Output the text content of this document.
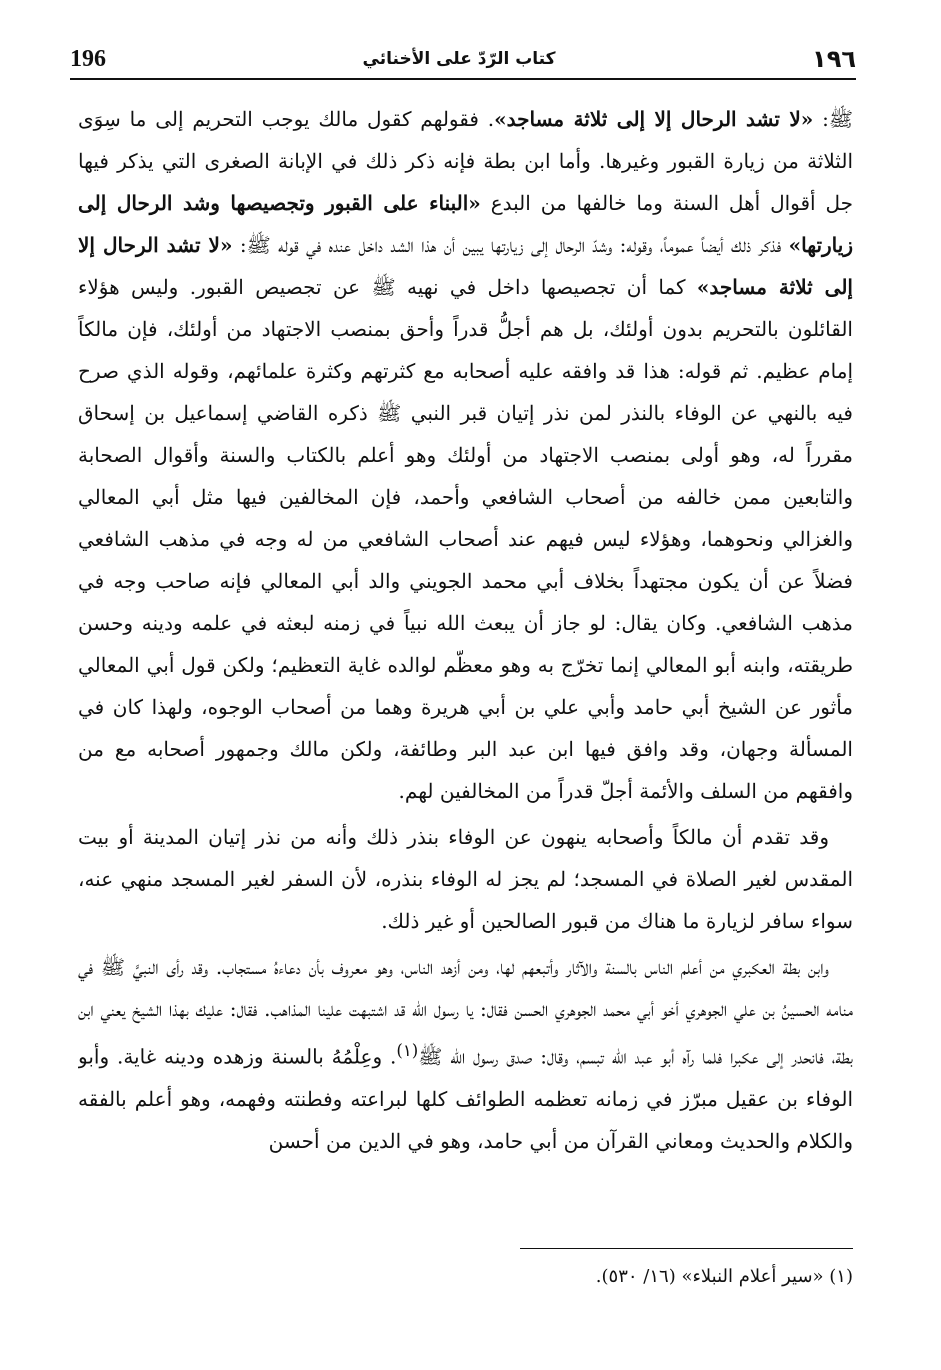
196	كتاب الرّدّ على الأخنائي	١٩٦

ﷺ: «لا تشد الرحال إلا إلى ثلاثة مساجد». فقولهم كقول مالك يوجب التحريم إلى ما سِوَى الثلاثة من زيارة القبور وغيرها. وأما ابن بطة فإنه ذكر ذلك في الإبانة الصغرى التي يذكر فيها جل أقوال أهل السنة وما خالفها من البدع «البناء على القبور وتجصيصها وشد الرحال إلى زيارتها» فذكر ذلك أيضاً عموماً، وقوله: وشدّ الرحال إلى زيارتها يبين أن هذا الشد داخل عنده في قوله ﷺ: «لا تشد الرحال إلا إلى ثلاثة مساجد» كما أن تجصيصها داخل في نهيه ﷺ عن تجصيص القبور. وليس هؤلاء القائلون بالتحريم بدون أولئك، بل هم أجلُّ قدراً وأحق بمنصب الاجتهاد من أولئك، فإن مالكاً إمام عظيم. ثم قوله: هذا قد وافقه عليه أصحابه مع كثرتهم وكثرة علمائهم، وقوله الذي صرح فيه بالنهي عن الوفاء بالنذر لمن نذر إتيان قبر النبي ﷺ ذكره القاضي إسماعيل بن إسحاق مقرراً له، وهو أولى بمنصب الاجتهاد من أولئك وهو أعلم بالكتاب والسنة وأقوال الصحابة والتابعين ممن خالفه من أصحاب الشافعي وأحمد، فإن المخالفين فيها مثل أبي المعالي والغزالي ونحوهما، وهؤلاء ليس فيهم عند أصحاب الشافعي من له وجه في مذهب الشافعي فضلاً عن أن يكون مجتهداً بخلاف أبي محمد الجويني والد أبي المعالي فإنه صاحب وجه في مذهب الشافعي. وكان يقال: لو جاز أن يبعث الله نبياً في زمنه لبعثه في علمه ودينه وحسن طريقته، وابنه أبو المعالي إنما تخرّج به وهو معظّم لوالده غاية التعظيم؛ ولكن قول أبي المعالي مأثور عن الشيخ أبي حامد وأبي علي بن أبي هريرة وهما من أصحاب الوجوه، ولهذا كان في المسألة وجهان، وقد وافق فيها ابن عبد البر وطائفة، ولكن مالك وجمهور أصحابه مع من وافقهم من السلف والأئمة أجلّ قدراً من المخالفين لهم.

وقد تقدم أن مالكاً وأصحابه ينهون عن الوفاء بنذر ذلك وأنه من نذر إتيان المدينة أو بيت المقدس لغير الصلاة في المسجد؛ لم يجز له الوفاء بنذره، لأن السفر لغير المسجد منهي عنه، سواء سافر لزيارة ما هناك من قبور الصالحين أو غير ذلك.

وابن بطة العكبري من أعلم الناس بالسنة والآثار وأتبعهم لها، ومن أزهد الناس، وهو معروف بأن دعاءهُ مستجاب. وقد رأى النبيَّ ﷺ في منامه الحسينُ بن علي الجوهري أخو أبي محمد الجوهري الحسن فقال: يا رسول الله قد اشتبهت علينا المذاهب. فقال: عليك بهذا الشيخ يعني ابن بطة، فانحدر إلى عكبرا فلما رآه أبو عبد الله تبسم، وقال: صدق رسول الله ﷺ$^{(١)}$. وعِلْمُهُ بالسنة وزهده ودينه غاية. وأبو الوفاء بن عقيل مبرّز في زمانه تعظمه الطوائف كلها لبراعته وفطنته وفهمه، وهو أعلم بالفقه والكلام والحديث ومعاني القرآن من أبي حامد، وهو في الدين من أحسن

(١) «سير أعلام النبلاء» (١٦/ ٥٣٠).
